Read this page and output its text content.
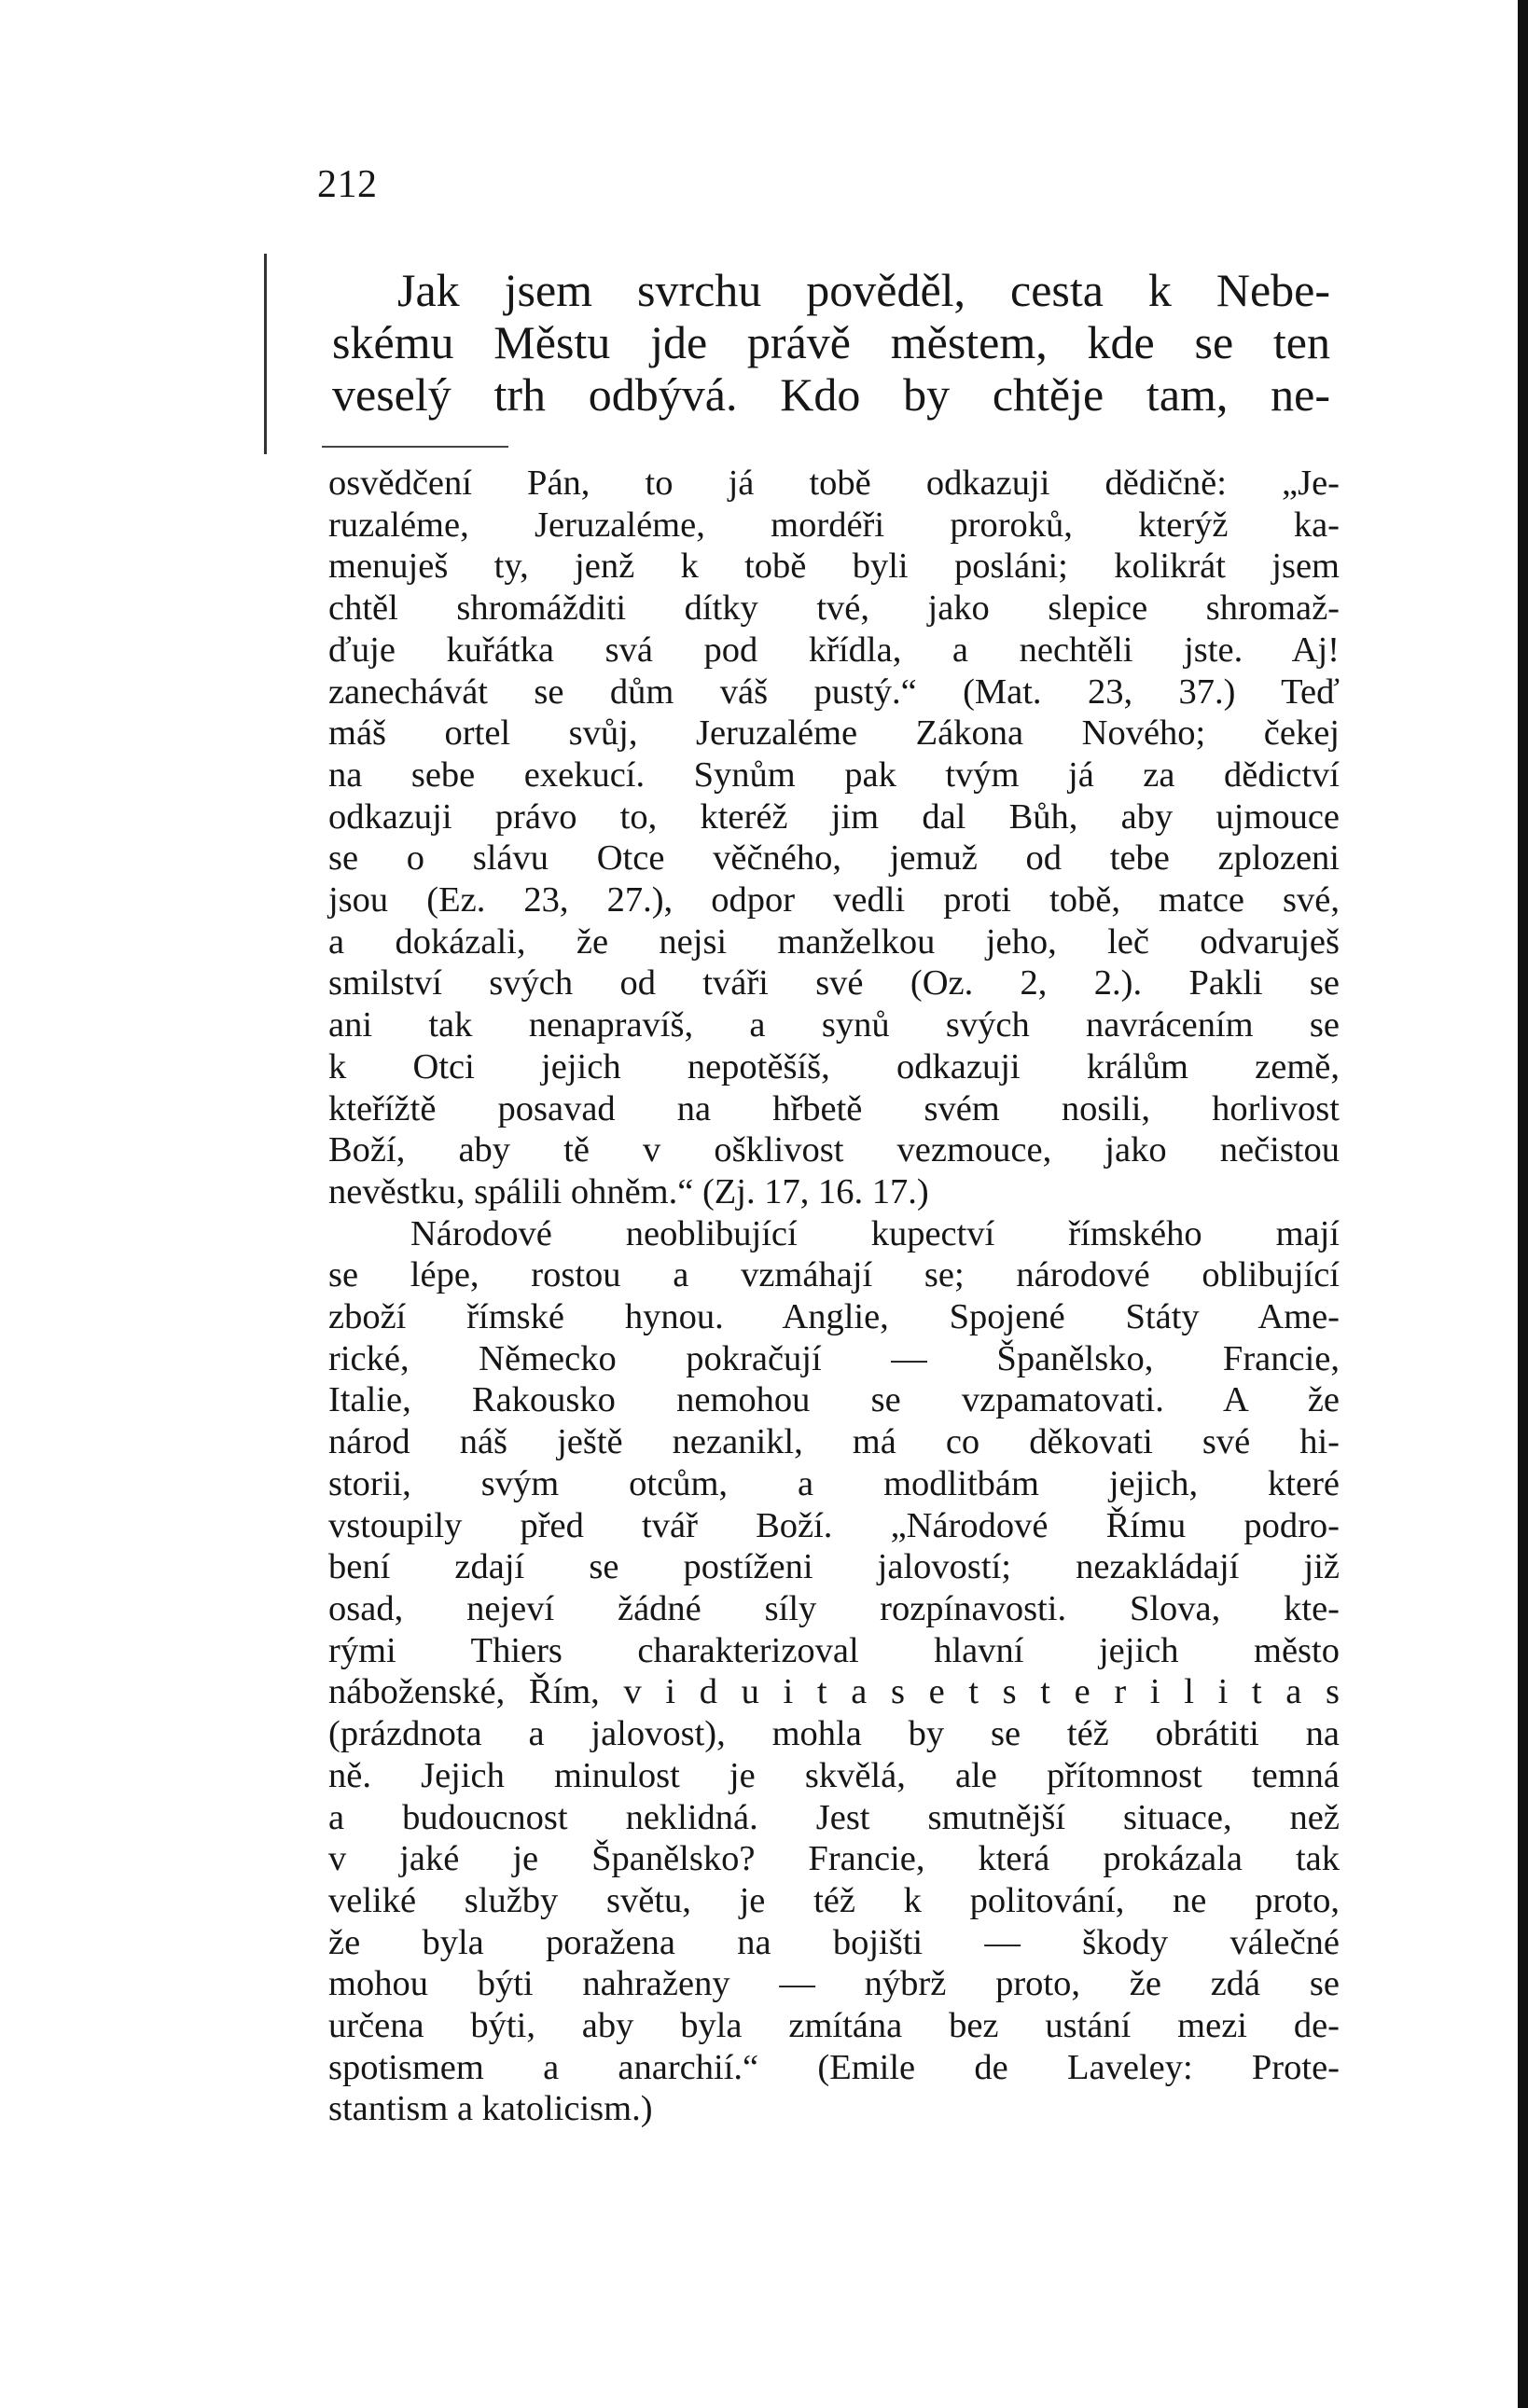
212
Jak jsem svrchu pověděl, cesta k Nebe-
skému Městu jde právě městem, kde se ten
veselý trh odbývá. Kdo by chtěje tam, ne-
osvědčení Pán, to já tobě odkazuji dědičně: „Je-
ruzaléme, Jeruzaléme, mordéři proroků, kterýž ka-
menuješ ty, jenž k tobě byli posláni; kolikrát jsem
chtěl shromážditi dítky tvé, jako slepice shromaž-
ďuje kuřátka svá pod křídla, a nechtěli jste. Aj!
zanechávát se dům váš pustý.“ (Mat. 23, 37.) Teď
máš ortel svůj, Jeruzaléme Zákona Nového; čekej
na sebe exekucí. Synům pak tvým já za dědictví
odkazuji právo to, kteréž jim dal Bůh, aby ujmouce
se o slávu Otce věčného, jemuž od tebe zplozeni
jsou (Ez. 23, 27.), odpor vedli proti tobě, matce své,
a dokázali, že nejsi manželkou jeho, leč odvaruješ
smilství svých od tváři své (Oz. 2, 2.). Pakli se
ani tak nenapravíš, a synů svých navrácením se
k Otci jejich nepotěšíš, odkazuji králům země,
kteřížtě posavad na hřbetě svém nosili, horlivost
Boží, aby tě v ošklivost vezmouce, jako nečistou
nevěstku, spálili ohněm.“ (Zj. 17, 16. 17.)
Národové neoblibující kupectví římského mají
se lépe, rostou a vzmáhají se; národové oblibující
zboží římské hynou. Anglie, Spojené Státy Ame-
rické, Německo pokračují — Španělsko, Francie,
Italie, Rakousko nemohou se vzpamatovati. A že
národ náš ještě nezanikl, má co děkovati své hi-
storii, svým otcům, a modlitbám jejich, které
vstoupily před tvář Boží. „Národové Římu podro-
bení zdají se postíženi jalovostí; nezakládají již
osad, nejeví žádné síly rozpínavosti. Slova, kte-
rými Thiers charakterizoval hlavní jejich město
náboženské, Řím, v i d u i t a s e t s t e r i l i t a s
(prázdnota a jalovost), mohla by se též obrátiti na
ně. Jejich minulost je skvělá, ale přítomnost temná
a budoucnost neklidná. Jest smutnější situace, než
v jaké je Španělsko? Francie, která prokázala tak
veliké služby světu, je též k politování, ne proto,
že byla poražena na bojišti — škody válečné
mohou býti nahraženy — nýbrž proto, že zdá se
určena býti, aby byla zmítána bez ustání mezi de-
spotismem a anarchií.“ (Emile de Laveley: Prote-
stantism a katolicism.)
